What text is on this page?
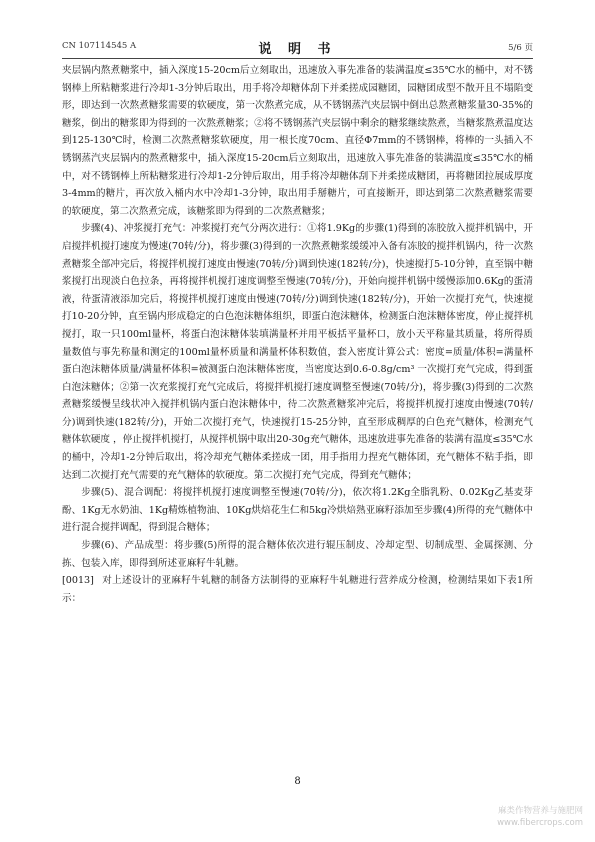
CN 107114545 A	说 明 书	5/6 页

夹层锅内熬煮糖浆中，插入深度15-20cm后立刻取出，迅速放入事先准备的装满温度≤35℃水的桶中，对不锈钢棒上所粘糖浆进行冷却1-3分钟后取出，用手将冷却糖体刮下并柔搓成园糖团，园糖团成型不散开且不塌陷变形，即达到一次熬煮糖浆需要的软硬度，第一次熬煮完成，从不锈钢蒸汽夹层锅中倒出总熬煮糖浆量30-35%的糖浆，倒出的糖浆即为得到的一次熬煮糖浆；②将不锈钢蒸汽夹层锅中剩余的糖浆继续熬煮，当糖浆熬煮温度达到125-130℃时，检测二次熬煮糖浆软硬度，用一根长度70cm、直径Φ7mm的不锈钢棒，将棒的一头插入不锈钢蒸汽夹层锅内的熬煮糖浆中，插入深度15-20cm后立刻取出，迅速放入事先准备的装满温度≤35℃水的桶中，对不锈钢棒上所粘糖浆进行冷却1-2分钟后取出，用手将冷却糖体刮下并柔搓成糖团，再将糖团拉展成厚度3-4mm的糖片，再次放入桶内水中冷却1-3分钟，取出用手掰糖片，可直接断开，即达到第二次熬煮糖浆需要的软硬度，第二次熬煮完成，该糖浆即为得到的二次熬煮糖浆；

步骤(4)、冲浆搅打充气：冲浆搅打充气分两次进行：①将1.9Kg的步骤(1)得到的冻胶放入搅拌机锅中，开启搅拌机搅打速度为慢速(70转/分)，将步骤(3)得到的一次熬煮糖浆缓缓冲入备有冻胶的搅拌机锅内，待一次熬煮糖浆全部冲完后，将搅拌机搅打速度由慢速(70转/分)调到快速(182转/分)，快速搅打5-10分钟，直至锅中糖浆搅打出现淡白色拉条，再将搅拌机搅打速度调整至慢速(70转/分)，开始向搅拌机锅中缓慢添加0.6Kg的蛋清液，待蛋清液添加完后，将搅拌机搅打速度由慢速(70转/分)调到快速(182转/分)，开始一次搅打充气，快速搅打10-20分钟，直至锅内形成稳定的白色泡沫糖体组织，即蛋白泡沫糖体，检测蛋白泡沫糖体密度，停止搅拌机搅打，取一只100ml量杯，将蛋白泡沫糖体装填满量杯并用平板括平量杯口，放小天平称量其质量，将所得质量数值与事先称量和测定的100ml量杯质量和满量杯体积数值，套入密度计算公式：密度=质量/体积=满量杯蛋白泡沫糖体质量/满量杯体积=被测蛋白泡沫糖体密度，当密度达到0.6-0.8g/cm³ 一次搅打充气完成，得到蛋白泡沫糖体；②第一次充浆搅打充气完成后，将搅拌机搅打速度调整至慢速(70转/分)，将步骤(3)得到的二次熬煮糖浆缓慢呈线状冲入搅拌机锅内蛋白泡沫糖体中，待二次熬煮糖浆冲完后，将搅拌机搅打速度由慢速(70转/分)调到快速(182转/分)，开始二次搅打充气，快速搅打15-25分钟，直至形成稠厚的白色充气糖体，检测充气糖体软硬度 ，停止搅拌机搅打，从搅拌机锅中取出20-30g充气糖体，迅速放进事先准备的装满有温度≤35℃水的桶中，冷却1-2分钟后取出，将冷却充气糖体柔搓成一团，用手指用力捏充气糖体团，充气糖体不粘手指，即达到二次搅打充气需要的充气糖体的软硬度。第二次搅打充气完成，得到充气糖体；

步骤(5)、混合调配：将搅拌机搅打速度调整至慢速(70转/分)，依次将1.2Kg全脂乳粉、0.02Kg乙基麦芽酚、1Kg无水奶油、1Kg精炼植物油、10Kg烘焙花生仁和5kg冷烘焙熟亚麻籽添加至步骤(4)所得的充气糖体中进行混合搅拌调配，得到混合糖体；

步骤(6)、产品成型：将步骤(5)所得的混合糖体依次进行辊压制皮、冷却定型、切制成型、金属探测、分拣、包装入库，即得到所述亚麻籽牛轧糖。

[0013] 对上述设计的亚麻籽牛轧糖的制备方法制得的亚麻籽牛轧糖进行营养成分检测，检测结果如下表1所示：

8
麻类作物营养与施肥网
www.fibercrops.com
